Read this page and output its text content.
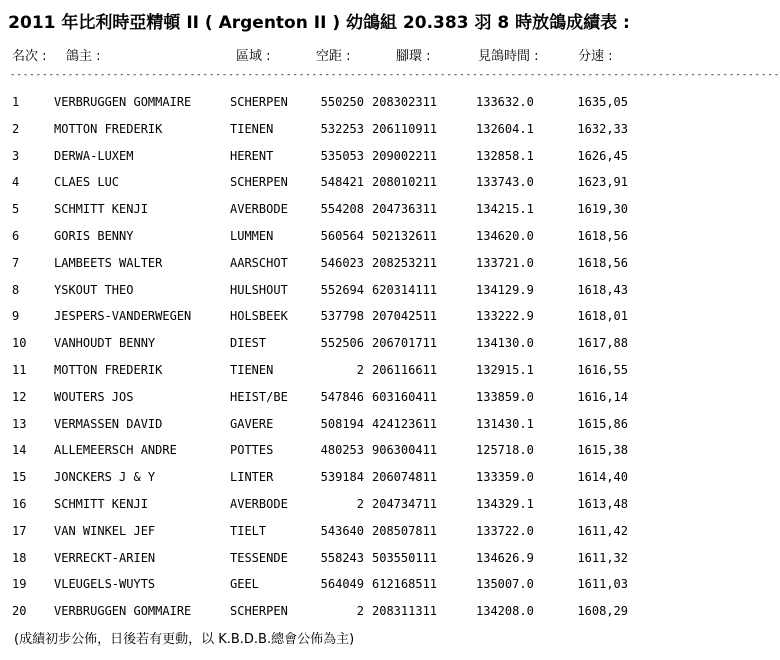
2011 年比利時亞精頓 II ( Argenton II ) 幼鴿組 20.383 羽 8 時放鴿成績表 :
名次 : 鴿主 :	區域 :	空距 :	腳環 :	見鴿時間 :	分速 :
------------------------------------------------------------------------------------------------------------------------
1	VERBRUGGEN GOMMAIRE	SCHERPEN	550250 208302311	133632.0	1635,05
2	MOTTON FREDERIK	TIENEN	532253 206110911	132604.1	1632,33
3	DERWA-LUXEM	HERENT	535053 209002211	132858.1	1626,45
4	CLAES LUC	SCHERPEN	548421 208010211	133743.0	1623,91
5	SCHMITT KENJI	AVERBODE	554208 204736311	134215.1	1619,30
6	GORIS BENNY	LUMMEN	560564 502132611	134620.0	1618,56
7	LAMBEETS WALTER	AARSCHOT	546023 208253211	133721.0	1618,56
8	YSKOUT THEO	HULSHOUT	552694 620314111	134129.9	1618,43
9	JESPERS-VANDERWEGEN	HOLSBEEK	537798 207042511	133222.9	1618,01
10 VANHOUDT BENNY	DIEST	552506 206701711	134130.0	1617,88
11 MOTTON FREDERIK	TIENEN	2 206116611	132915.1	1616,55
12 WOUTERS JOS	HEIST/BE	547846 603160411	133859.0	1616,14
13 VERMASSEN DAVID	GAVERE	508194 424123611	131430.1	1615,86
14 ALLEMEERSCH ANDRE	POTTES	480253 906300411	125718.0	1615,38
15 JONCKERS J & Y	LINTER	539184 206074811	133359.0	1614,40
16 SCHMITT KENJI	AVERBODE	2 204734711	134329.1	1613,48
17 VAN WINKEL JEF	TIELT	543640 208507811	133722.0	1611,42
18 VERRECKT-ARIEN	TESSENDE	558243 503550111	134626.9	1611,32
19 VLEUGELS-WUYTS	GEEL	564049 612168511	135007.0	1611,03
20 VERBRUGGEN GOMMAIRE	SCHERPEN	2 208311311	134208.0	1608,29
(成績初步公佈，日後若有更動，以 K.B.D.B.總會公佈為主)
